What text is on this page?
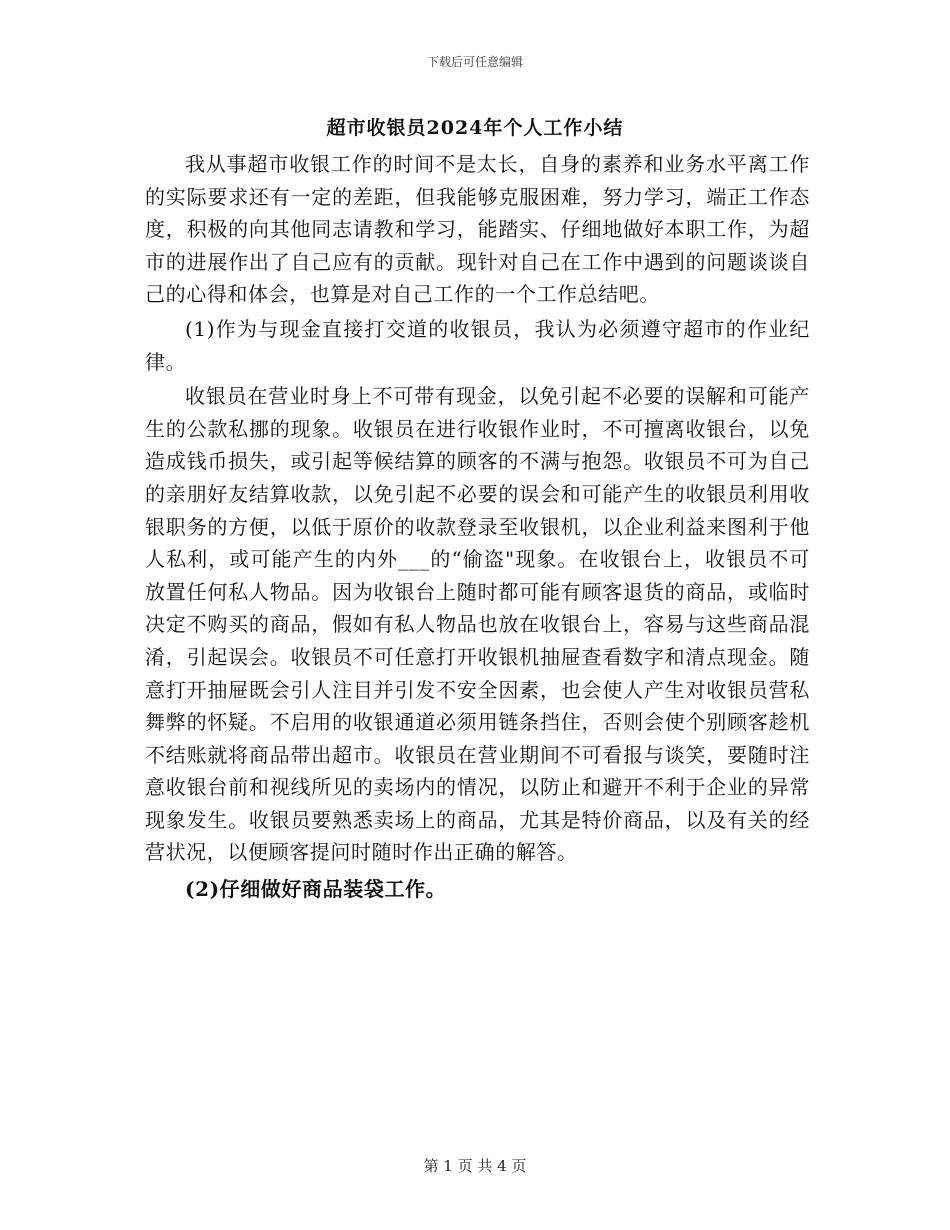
下载后可任意编辑
超市收银员2024年个人工作小结

我从事超市收银工作的时间不是太长，自身的素养和业务水平离工作的实际要求还有一定的差距，但我能够克服困难，努力学习，端正工作态度，积极的向其他同志请教和学习，能踏实、仔细地做好本职工作，为超市的进展作出了自己应有的贡献。现针对自己在工作中遇到的问题谈谈自己的心得和体会，也算是对自己工作的一个工作总结吧。

(1)作为与现金直接打交道的收银员，我认为必须遵守超市的作业纪律。

收银员在营业时身上不可带有现金，以免引起不必要的误解和可能产生的公款私挪的现象。收银员在进行收银作业时，不可擅离收银台，以免造成钱币损失，或引起等候结算的顾客的不满与抱怨。收银员不可为自己的亲朋好友结算收款，以免引起不必要的误会和可能产生的收银员利用收银职务的方便，以低于原价的收款登录至收银机，以企业利益来图利于他人私利，或可能产生的内外___的“偷盗"现象。在收银台上，收银员不可放置任何私人物品。因为收银台上随时都可能有顾客退货的商品，或临时决定不购买的商品，假如有私人物品也放在收银台上，容易与这些商品混淆，引起误会。收银员不可任意打开收银机抽屉查看数字和清点现金。随意打开抽屉既会引人注目并引发不安全因素，也会使人产生对收银员营私舞弊的怀疑。不启用的收银通道必须用链条挡住，否则会使个别顾客趁机不结账就将商品带出超市。收银员在营业期间不可看报与谈笑，要随时注意收银台前和视线所见的卖场内的情况，以防止和避开不利于企业的异常现象发生。收银员要熟悉卖场上的商品，尤其是特价商品，以及有关的经营状况，以便顾客提问时随时作出正确的解答。

(2)仔细做好商品装袋工作。

第 1 页 共 4 页
